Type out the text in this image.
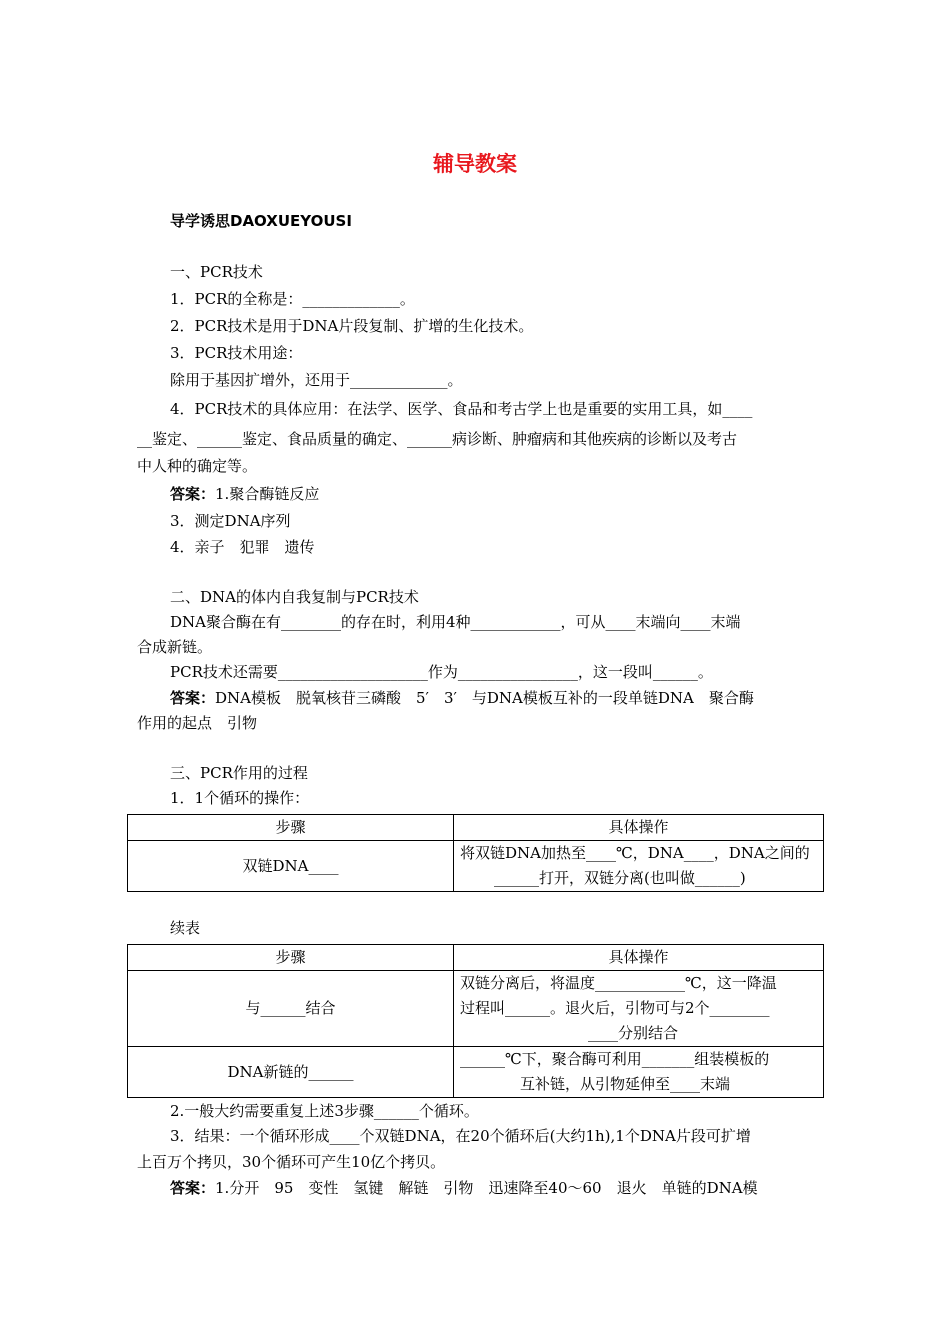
辅导教案
导学诱思DAOXUEYOUSI
一、PCR技术
1．PCR的全称是：_____________。
2．PCR技术是用于DNA片段复制、扩增的生化技术。
3．PCR技术用途：
除用于基因扩增外，还用于_____________。
4．PCR技术的具体应用：在法学、医学、食品和考古学上也是重要的实用工具，如____
__鉴定、______鉴定、食品质量的确定、______病诊断、肿瘤病和其他疾病的诊断以及考古
中人种的确定等。
答案：1.聚合酶链反应
3．测定DNA序列
4．亲子　犯罪　遗传
二、DNA的体内自我复制与PCR技术
DNA聚合酶在有________的存在时，利用4种____________，可从____末端向____末端
合成新链。
PCR技术还需要____________________作为________________，这一段叫______。
答案：DNA模板　脱氧核苷三磷酸　5′　3′　与DNA模板互补的一段单链DNA　聚合酶
作用的起点　引物
三、PCR作用的过程
1．1个循环的操作：
步骤	具体操作
双链DNA____	将双链DNA加热至____℃，DNA____，DNA之间的
______打开，双链分离(也叫做______)
续表
步骤	具体操作
与______结合	双链分离后，将温度____________℃，这一降温
过程叫______。退火后，引物可与2个________
____分别结合

DNA新链的______	______℃下，聚合酶可利用_______组装模板的
互补链，从引物延伸至____末端
2.一般大约需要重复上述3步骤______个循环。
3．结果：一个循环形成____个双链DNA，在20个循环后(大约1h),1个DNA片段可扩增
上百万个拷贝，30个循环可产生10亿个拷贝。
答案：1.分开　95　变性　氢键　解链　引物　迅速降至40～60　退火　单链的DNA模
